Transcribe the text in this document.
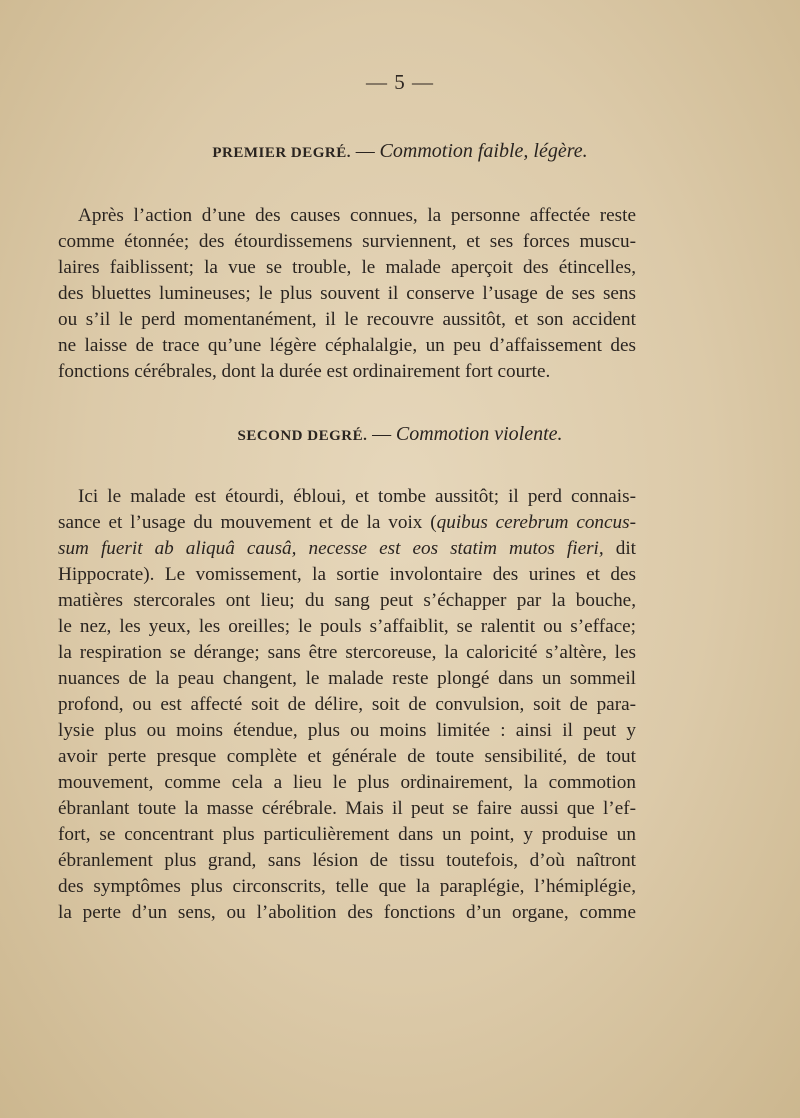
— 5 —
PREMIER DEGRÉ. — Commotion faible, légère.
Après l’action d’une des causes connues, la personne affectée reste
comme étonnée; des étourdissemens surviennent, et ses forces muscu-
laires faiblissent; la vue se trouble, le malade aperçoit des étincelles,
des bluettes lumineuses; le plus souvent il conserve l’usage de ses sens
ou s’il le perd momentanément, il le recouvre aussitôt, et son accident
ne laisse de trace qu’une légère céphalalgie, un peu d’affaissement des
fonctions cérébrales, dont la durée est ordinairement fort courte.
SECOND DEGRÉ. — Commotion violente.
Ici le malade est étourdi, ébloui, et tombe aussitôt; il perd connais-
sance et l’usage du mouvement et de la voix (quibus cerebrum concus-
sum fuerit ab aliquâ causâ, necesse est eos statim mutos fieri, dit
Hippocrate). Le vomissement, la sortie involontaire des urines et des
matières stercorales ont lieu; du sang peut s’échapper par la bouche,
le nez, les yeux, les oreilles; le pouls s’affaiblit, se ralentit ou s’efface;
la respiration se dérange; sans être stercoreuse, la caloricité s’altère, les
nuances de la peau changent, le malade reste plongé dans un sommeil
profond, ou est affecté soit de délire, soit de convulsion, soit de para-
lysie plus ou moins étendue, plus ou moins limitée : ainsi il peut y
avoir perte presque complète et générale de toute sensibilité, de tout
mouvement, comme cela a lieu le plus ordinairement, la commotion
ébranlant toute la masse cérébrale. Mais il peut se faire aussi que l’ef-
fort, se concentrant plus particulièrement dans un point, y produise un
ébranlement plus grand, sans lésion de tissu toutefois, d’où naîtront
des symptômes plus circonscrits, telle que la paraplégie, l’hémiplégie,
la perte d’un sens, ou l’abolition des fonctions d’un organe, comme
